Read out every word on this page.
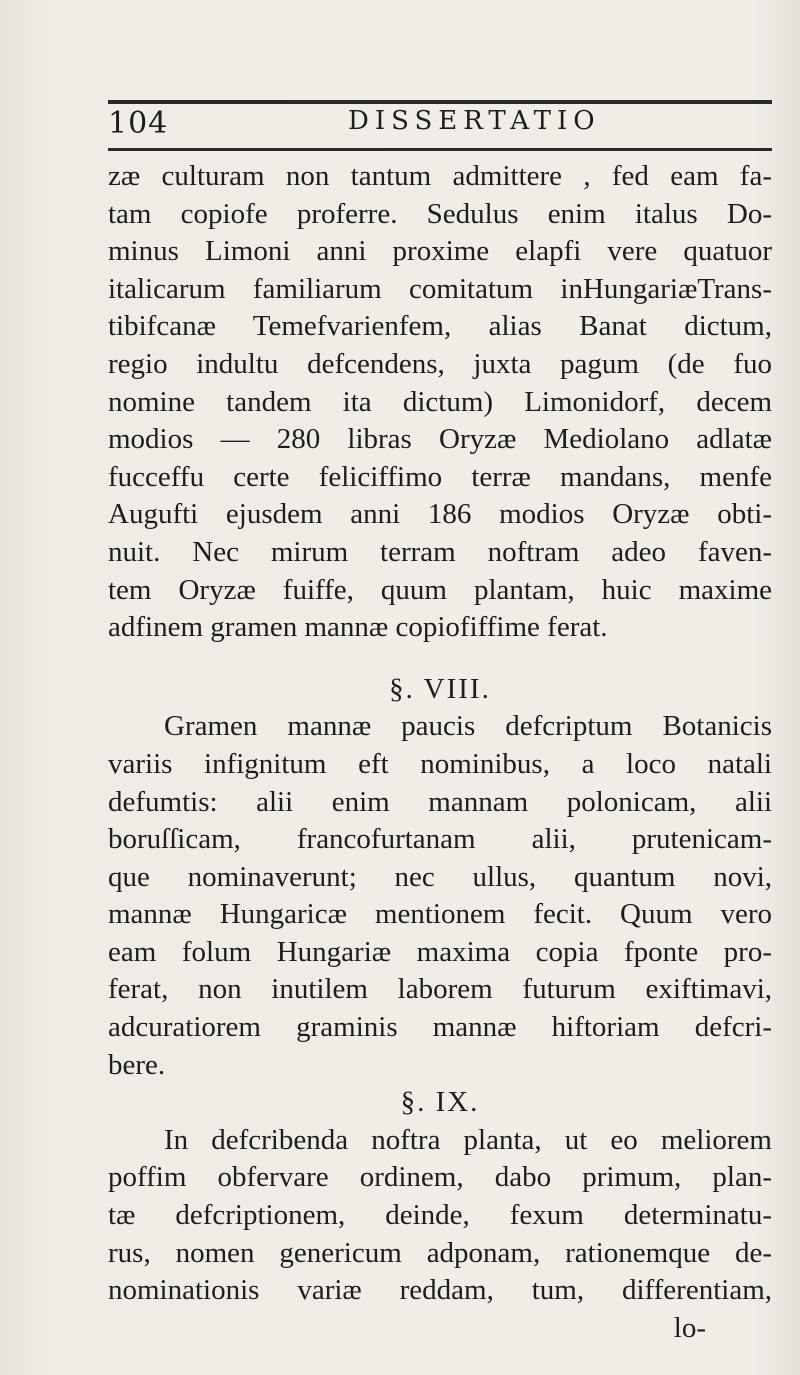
104	DISSERTATIO
zæ culturam non tantum admittere , fed eam fa-
tam copiofe proferre. Sedulus enim italus Do-
minus Limoni anni proxime elapfi vere quatuor
italicarum familiarum comitatum inHungariæTrans-
tibifcanæ Temefvarienfem, alias Banat dictum,
regio indultu defcendens, juxta pagum (de fuo
nomine tandem ita dictum) Limonidorf, decem
modios — 280 libras Oryzæ Mediolano adlatæ
fucceffu certe feliciffimo terræ mandans, menfe
Augufti ejusdem anni 186 modios Oryzæ obti-
nuit. Nec mirum terram noftram adeo faven-
tem Oryzæ fuiffe, quum plantam, huic maxime
adfinem gramen mannæ copiofiffime ferat.
§. VIII.
Gramen mannæ paucis defcriptum Botanicis
variis infignitum eft nominibus, a loco natali
defumtis: alii enim mannam polonicam, alii
boruſſicam, francofurtanam alii, prutenicam-
que nominaverunt; nec ullus, quantum novi,
mannæ Hungaricæ mentionem fecit. Quum vero
eam folum Hungariæ maxima copia fponte pro-
ferat, non inutilem laborem futurum exiftimavi,
adcuratiorem graminis mannæ hiftoriam defcri-
bere.
§. IX.
In defcribenda noftra planta, ut eo meliorem
poffim obfervare ordinem, dabo primum, plan-
tæ defcriptionem, deinde, fexum determinatu-
rus, nomen genericum adponam, rationemque de-
nominationis variæ reddam, tum, differentiam,
lo-
